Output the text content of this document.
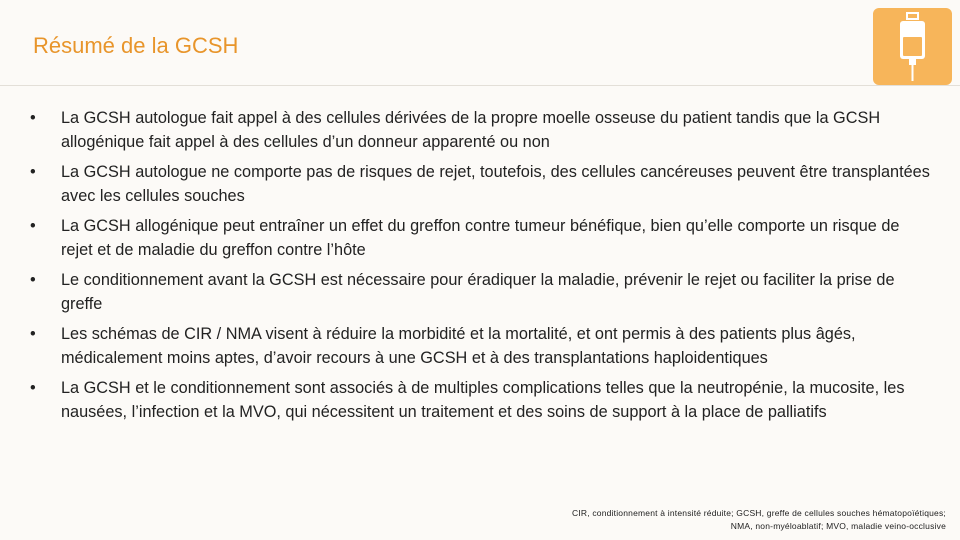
Résumé de la GCSH
•	La GCSH autologue fait appel à des cellules dérivées de la propre moelle osseuse du patient tandis que la GCSH allogénique fait appel à des cellules d’un donneur apparenté ou non
•	La GCSH autologue ne comporte pas de risques de rejet, toutefois, des cellules cancéreuses peuvent être transplantées avec les cellules souches
•	La GCSH allogénique peut entraîner un effet du greffon contre tumeur bénéfique, bien qu’elle comporte un risque de rejet et de maladie du greffon contre l’hôte
•	Le conditionnement avant la GCSH est nécessaire pour éradiquer la maladie, prévenir le rejet ou faciliter la prise de greffe
•	Les schémas de CIR / NMA visent à réduire la morbidité et la mortalité, et ont permis à des patients plus âgés, médicalement moins aptes, d’avoir recours à une GCSH et à des transplantations haploidentiques
•	La GCSH et le conditionnement sont associés à de multiples complications telles que la neutropénie, la mucosite, les nausées, l’infection et la MVO, qui nécessitent un traitement et des soins de support à la place de palliatifs
CIR, conditionnement à intensité réduite; GCSH, greffe de cellules souches hématopoïétiques;
NMA, non-myéloablatif; MVO, maladie veino-occlusive
